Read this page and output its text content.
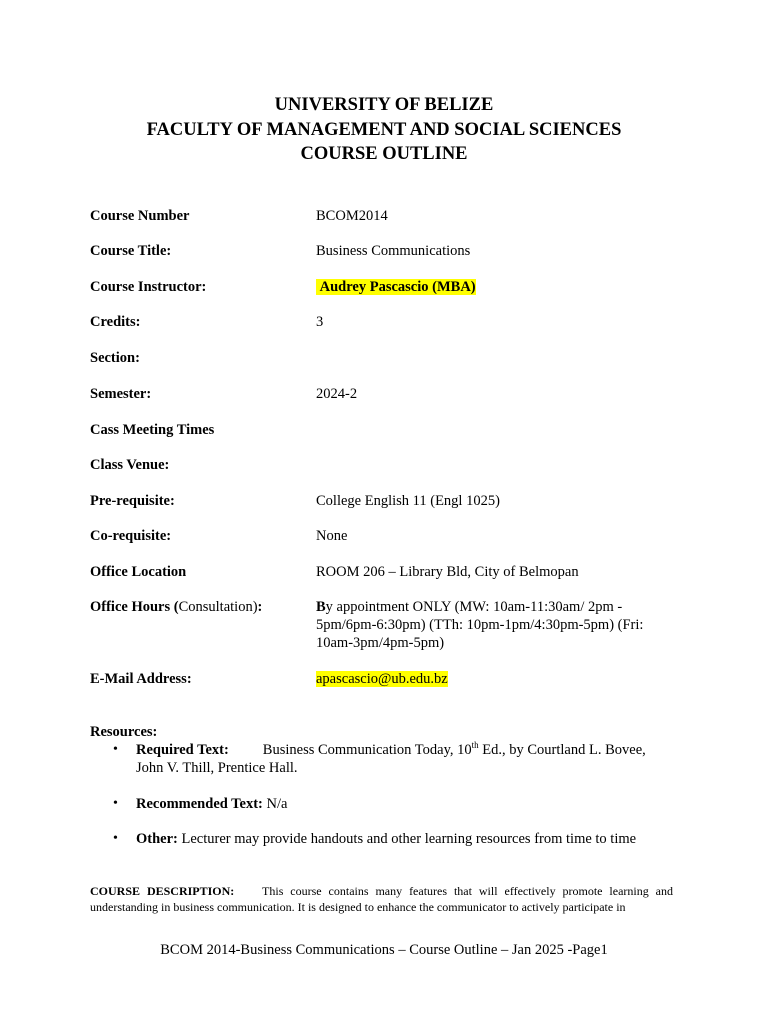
UNIVERSITY OF BELIZE
FACULTY OF MANAGEMENT AND SOCIAL SCIENCES
COURSE OUTLINE
Course Number	BCOM2014
Course Title:	Business Communications
Course Instructor:	Audrey Pascascio (MBA)
Credits:	3
Section:
Semester:	2024-2
Cass Meeting Times
Class Venue:
Pre-requisite:	College English 11 (Engl 1025)
Co-requisite:	None
Office Location	ROOM 206 – Library Bld, City of Belmopan
Office Hours (Consultation):	By appointment ONLY (MW: 10am-11:30am/ 2pm - 5pm/6pm-6:30pm) (TTh: 10pm-1pm/4:30pm-5pm) (Fri: 10am-3pm/4pm-5pm)
E-Mail Address:	apascascio@ub.edu.bz
Resources:
• Required Text: Business Communication Today, 10th Ed., by Courtland L. Bovee, John V. Thill, Prentice Hall.
• Recommended Text: N/a
• Other: Lecturer may provide handouts and other learning resources from time to time
COURSE DESCRIPTION: This course contains many features that will effectively promote learning and understanding in business communication. It is designed to enhance the communicator to actively participate in
BCOM 2014-Business Communications – Course Outline – Jan 2025 -Page1
